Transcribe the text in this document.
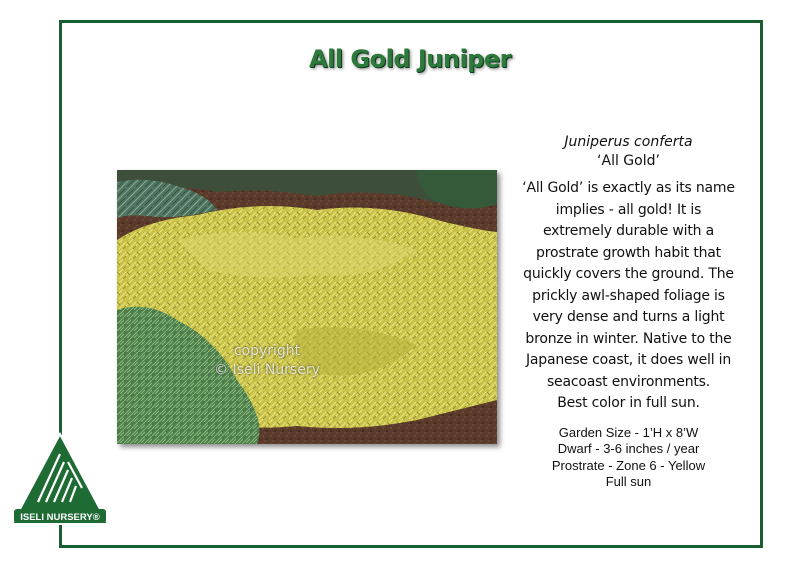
All Gold Juniper
copyright
© Iseli Nursery
Juniperus conferta
‘All Gold’
‘All Gold’ is exactly as its name
implies - all gold! It is
extremely durable with a
prostrate growth habit that
quickly covers the ground. The
prickly awl-shaped foliage is
very dense and turns a light
bronze in winter. Native to the
Japanese coast, it does well in
seacoast environments.
Best color in full sun.
Garden Size - 1’H x 8’W
Dwarf - 3-6 inches / year
Prostrate - Zone 6 - Yellow
Full sun
ISELI NURSERY®
